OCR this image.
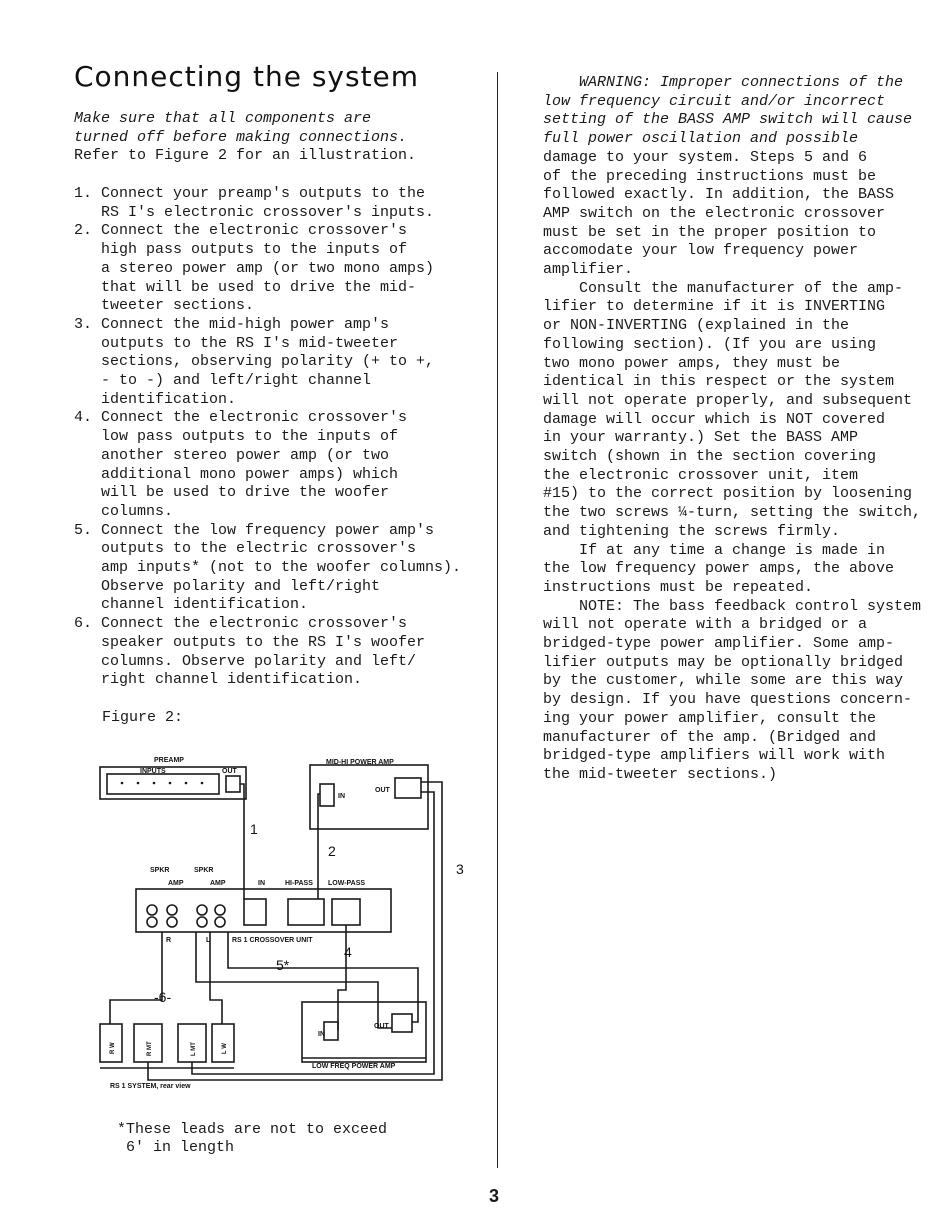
Connecting the system
Make sure that all components are
turned off before making connections.
Refer to Figure 2 for an illustration.
1. Connect your preamp's outputs to the
RS I's electronic crossover's inputs.
2. Connect the electronic crossover's
high pass outputs to the inputs of
a stereo power amp (or two mono amps)
that will be used to drive the mid-
tweeter sections.
3. Connect the mid-high power amp's
outputs to the RS I's mid-tweeter
sections, observing polarity (+ to +,
- to -) and left/right channel
identification.
4. Connect the electronic crossover's
low pass outputs to the inputs of
another stereo power amp (or two
additional mono power amps) which
will be used to drive the woofer
columns.
5. Connect the low frequency power amp's
outputs to the electric crossover's
amp inputs* (not to the woofer columns).
Observe polarity and left/right
channel identification.
6. Connect the electronic crossover's
speaker outputs to the RS I's woofer
columns. Observe polarity and left/
right channel identification.
Figure 2:
PREAMP
INPUTS	OUT
MID-HI POWER AMP
IN
OUT
SPKR
AMP
SPKR
AMP	IN	HI-PASS LOW-PASS
R	L	RS 1 CROSSOVER UNIT
IN
OUT
LOW FREQ POWER AMP
RS 1 SYSTEM, rear view
R W	R MT	L MT	L W
1
2
3
4
5*
-6-
*These leads are not to exceed
6' in length
WARNING: Improper connections of the
low frequency circuit and/or incorrect
setting of the BASS AMP switch will cause
full power oscillation and possible
damage to your system. Steps 5 and 6
of the preceding instructions must be
followed exactly. In addition, the BASS
AMP switch on the electronic crossover
must be set in the proper position to
accomodate your low frequency power
amplifier.
Consult the manufacturer of the amp-
lifier to determine if it is INVERTING
or NON-INVERTING (explained in the
following section). (If you are using
two mono power amps, they must be
identical in this respect or the system
will not operate properly, and subsequent
damage will occur which is NOT covered
in your warranty.) Set the BASS AMP
switch (shown in the section covering
the electronic crossover unit, item
#15) to the correct position by loosening
the two screws ¼-turn, setting the switch,
and tightening the screws firmly.
If at any time a change is made in
the low frequency power amps, the above
instructions must be repeated.
NOTE: The bass feedback control system
will not operate with a bridged or a
bridged-type power amplifier. Some amp-
lifier outputs may be optionally bridged
by the customer, while some are this way
by design. If you have questions concern-
ing your power amplifier, consult the
manufacturer of the amp. (Bridged and
bridged-type amplifiers will work with
the mid-tweeter sections.)
3
